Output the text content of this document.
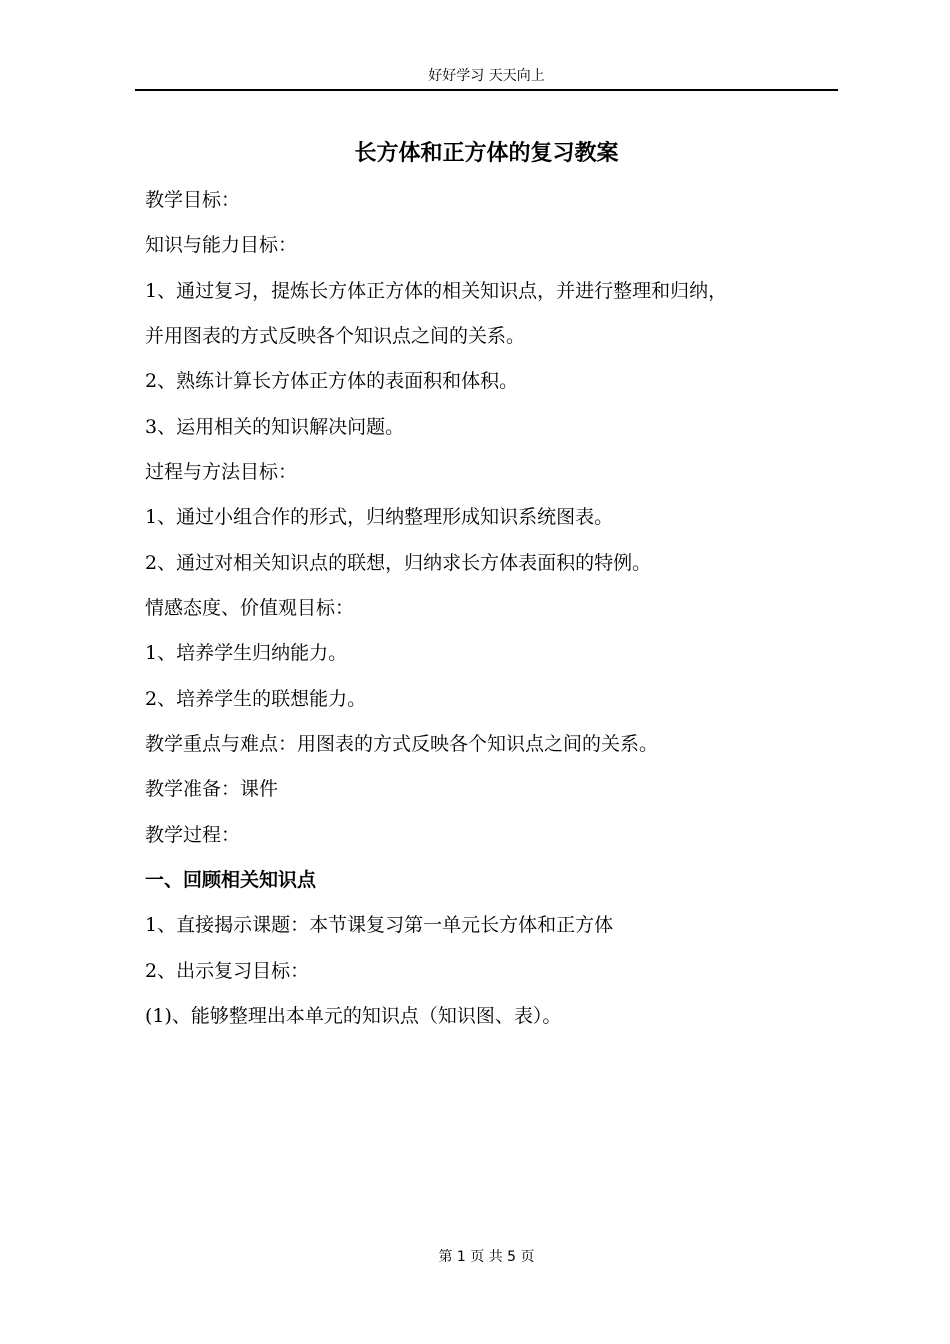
好好学习 天天向上
长方体和正方体的复习教案
教学目标：
知识与能力目标：
1、通过复习，提炼长方体正方体的相关知识点，并进行整理和归纳，
并用图表的方式反映各个知识点之间的关系。
2、熟练计算长方体正方体的表面积和体积。
3、运用相关的知识解决问题。
过程与方法目标：
1、通过小组合作的形式，归纳整理形成知识系统图表。
2、通过对相关知识点的联想，归纳求长方体表面积的特例。
情感态度、价值观目标：
1、培养学生归纳能力。
2、培养学生的联想能力。
教学重点与难点：用图表的方式反映各个知识点之间的关系。
教学准备：课件
教学过程：
一、回顾相关知识点
1、直接揭示课题：本节课复习第一单元长方体和正方体
2、出示复习目标：
(1)、能够整理出本单元的知识点（知识图、表）。
第 1 页 共 5 页
